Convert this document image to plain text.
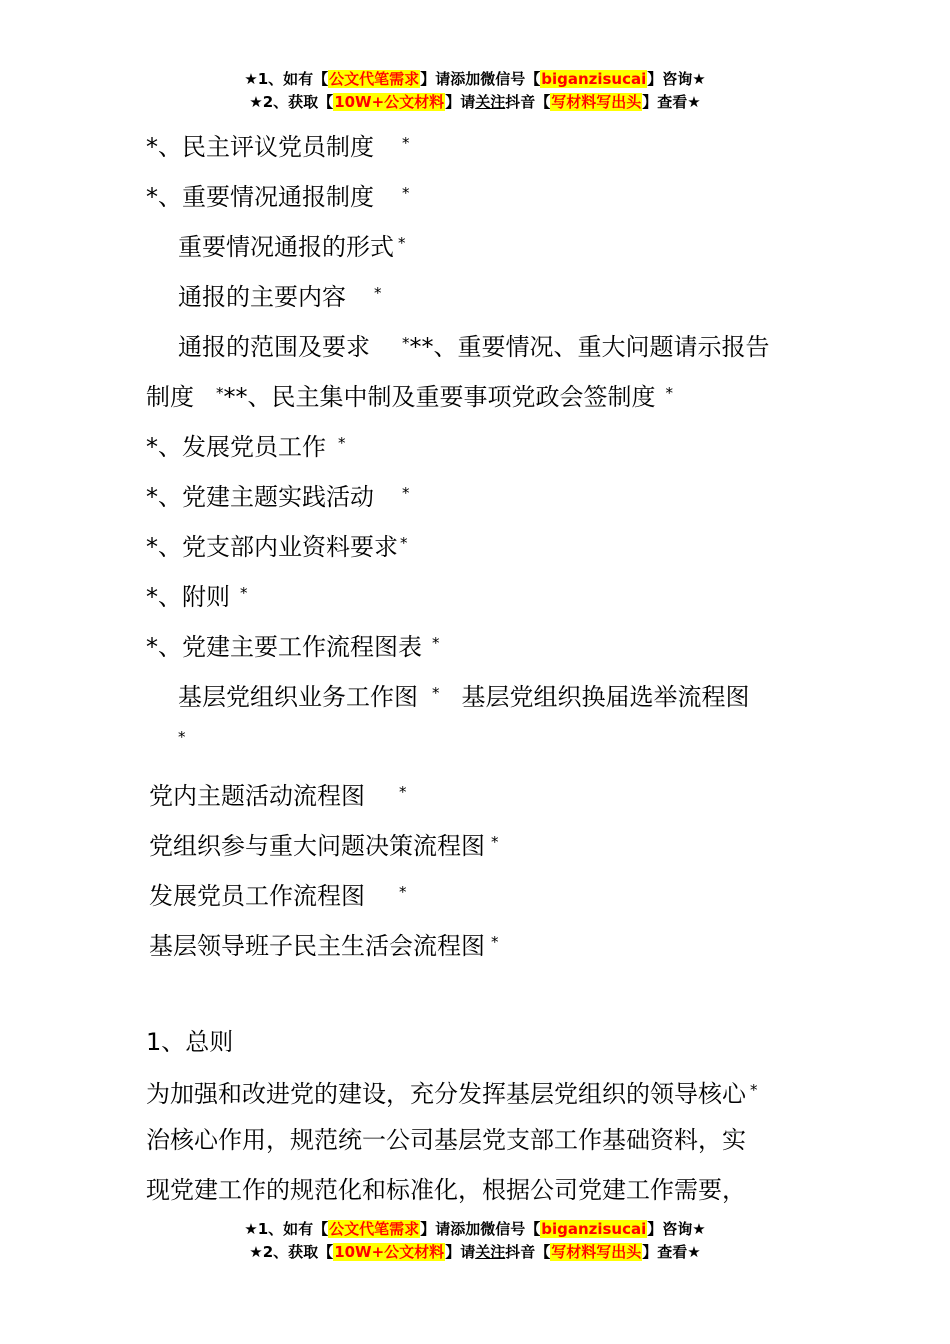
★1、如有【公文代笔需求】请添加微信号【biganzisucai】咨询★
★2、获取【10W+公文材料】请关注抖音【写材料写出头】查看★
*、民主评议党员制度 *
*、重要情况通报制度 *
重要情况通报的形式 *
通报的主要内容 *
通报的范围及要求 ***、重要情况、重大问题请示报告
制度 ***、民主集中制及重要事项党政会签制度 *
*、发展党员工作 *
*、党建主题实践活动 *
*、党支部内业资料要求 *
*、附则 *
*、党建主要工作流程图表 *
基层党组织业务工作图 * 基层党组织换届选举流程图
*
党内主题活动流程图 *
党组织参与重大问题决策流程图 *
发展党员工作流程图 *
基层领导班子民主生活会流程图 *
1、总则
为加强和改进党的建设，充分发挥基层党组织的领导核心 *
治核心作用，规范统一公司基层党支部工作基础资料，实
现党建工作的规范化和标准化，根据公司党建工作需要，
★1、如有【公文代笔需求】请添加微信号【biganzisucai】咨询★
★2、获取【10W+公文材料】请关注抖音【写材料写出头】查看★
